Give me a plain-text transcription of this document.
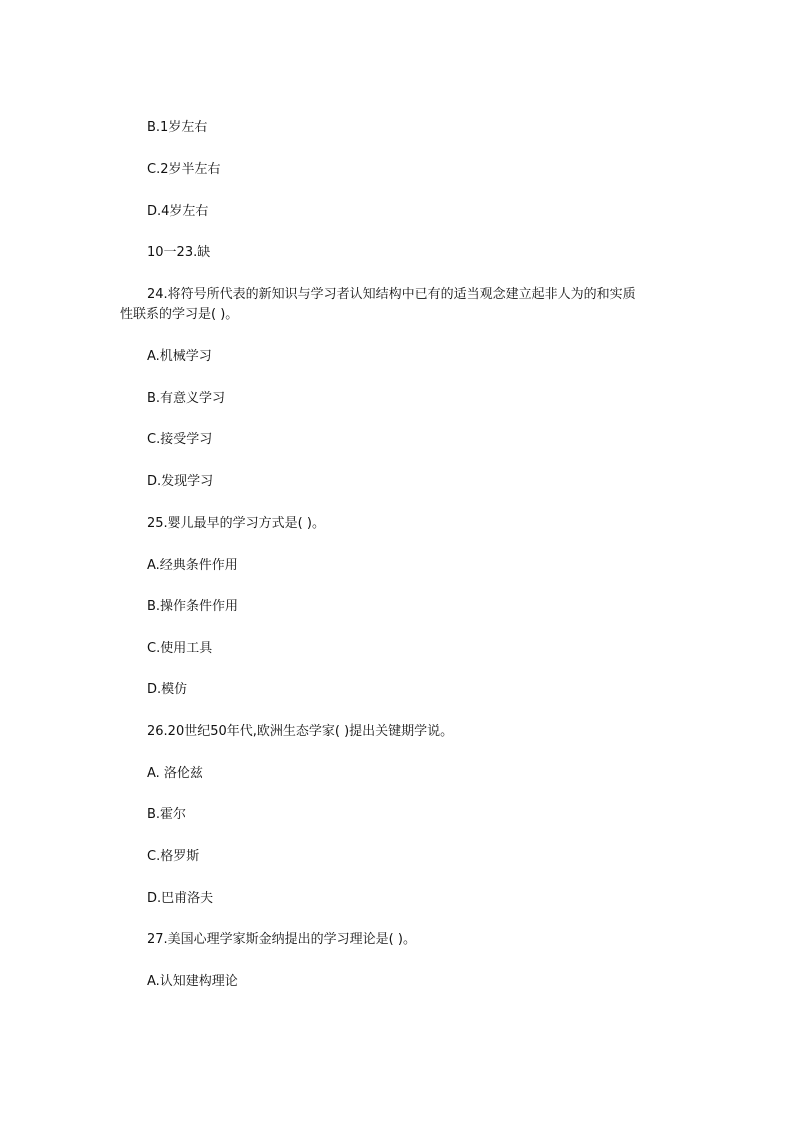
B.1岁左右
C.2岁半左右
D.4岁左右
10一23.缺
24.将符号所代表的新知识与学习者认知结构中已有的适当观念建立起非人为的和实质
性联系的学习是( )。
A.机械学习
B.有意义学习
C.接受学习
D.发现学习
25.婴儿最早的学习方式是( )。
A.经典条件作用
B.操作条件作用
C.使用工具
D.模仿
26.20世纪50年代,欧洲生态学家( )提出关键期学说。
A. 洛伦兹
B.霍尔
C.格罗斯
D.巴甫洛夫
27.美国心理学家斯金纳提出的学习理论是( )。
A.认知建构理论
